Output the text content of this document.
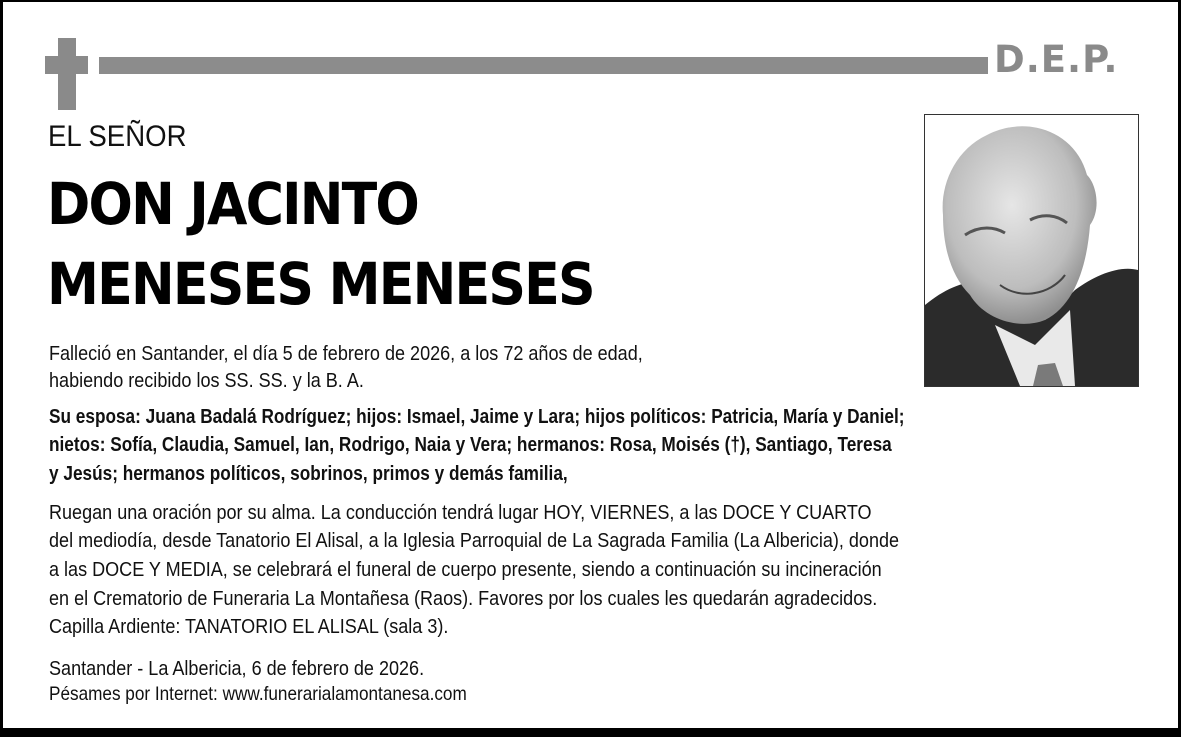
D.E.P.
EL SEÑOR
DON JACINTO
MENESES MENESES
Falleció en Santander, el día 5 de febrero de 2026, a los 72 años de edad,
habiendo recibido los SS. SS. y la B. A.
Su esposa: Juana Badalá Rodríguez; hijos: Ismael, Jaime y Lara; hijos políticos: Patricia, María y Daniel;
nietos: Sofía, Claudia, Samuel, Ian, Rodrigo, Naia y Vera; hermanos: Rosa, Moisés (†), Santiago, Teresa
y Jesús; hermanos políticos, sobrinos, primos y demás familia,
Ruegan una oración por su alma. La conducción tendrá lugar HOY, VIERNES, a las DOCE Y CUARTO
del mediodía, desde Tanatorio El Alisal, a la Iglesia Parroquial de La Sagrada Familia (La Albericia), donde
a las DOCE Y MEDIA, se celebrará el funeral de cuerpo presente, siendo a continuación su incineración
en el Crematorio de Funeraria La Montañesa (Raos). Favores por los cuales les quedarán agradecidos.
Capilla Ardiente: TANATORIO EL ALISAL (sala 3).
Santander - La Albericia, 6 de febrero de 2026.
Pésames por Internet: www.funerarialamontanesa.com
